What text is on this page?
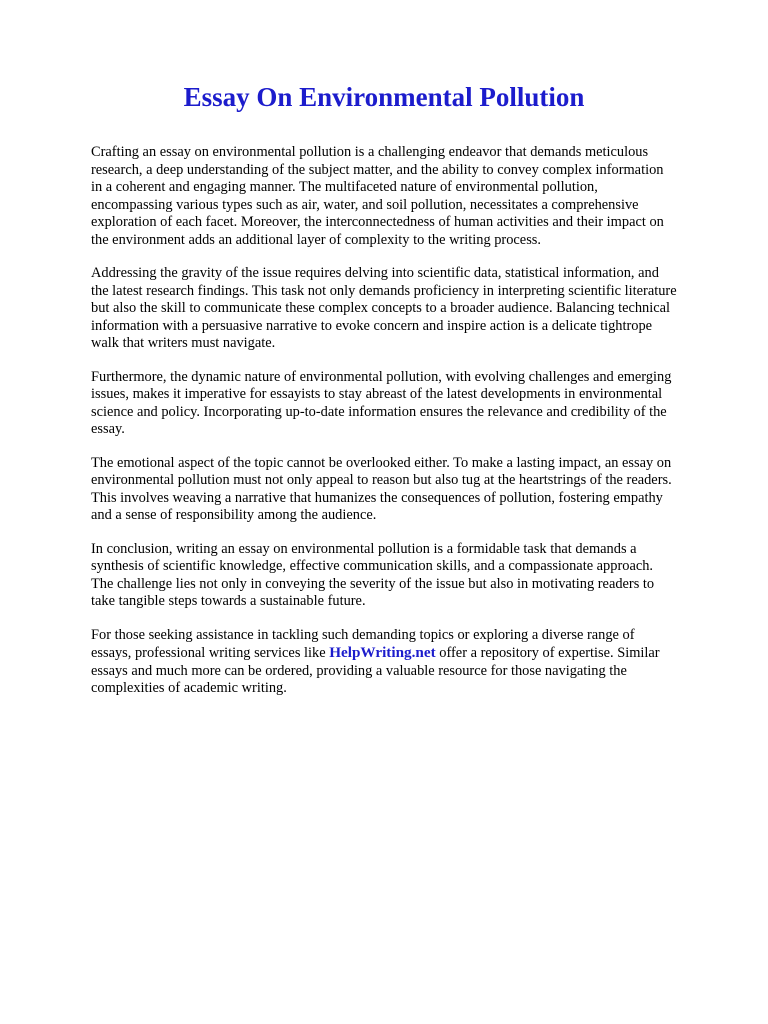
Essay On Environmental Pollution

Crafting an essay on environmental pollution is a challenging endeavor that demands meticulous
research, a deep understanding of the subject matter, and the ability to convey complex information
in a coherent and engaging manner. The multifaceted nature of environmental pollution,
encompassing various types such as air, water, and soil pollution, necessitates a comprehensive
exploration of each facet. Moreover, the interconnectedness of human activities and their impact on
the environment adds an additional layer of complexity to the writing process.

Addressing the gravity of the issue requires delving into scientific data, statistical information, and
the latest research findings. This task not only demands proficiency in interpreting scientific literature
but also the skill to communicate these complex concepts to a broader audience. Balancing technical
information with a persuasive narrative to evoke concern and inspire action is a delicate tightrope
walk that writers must navigate.

Furthermore, the dynamic nature of environmental pollution, with evolving challenges and emerging
issues, makes it imperative for essayists to stay abreast of the latest developments in environmental
science and policy. Incorporating up-to-date information ensures the relevance and credibility of the
essay.

The emotional aspect of the topic cannot be overlooked either. To make a lasting impact, an essay on
environmental pollution must not only appeal to reason but also tug at the heartstrings of the readers.
This involves weaving a narrative that humanizes the consequences of pollution, fostering empathy
and a sense of responsibility among the audience.

In conclusion, writing an essay on environmental pollution is a formidable task that demands a
synthesis of scientific knowledge, effective communication skills, and a compassionate approach.
The challenge lies not only in conveying the severity of the issue but also in motivating readers to
take tangible steps towards a sustainable future.

For those seeking assistance in tackling such demanding topics or exploring a diverse range of
essays, professional writing services like HelpWriting.net offer a repository of expertise. Similar
essays and much more can be ordered, providing a valuable resource for those navigating the
complexities of academic writing.
